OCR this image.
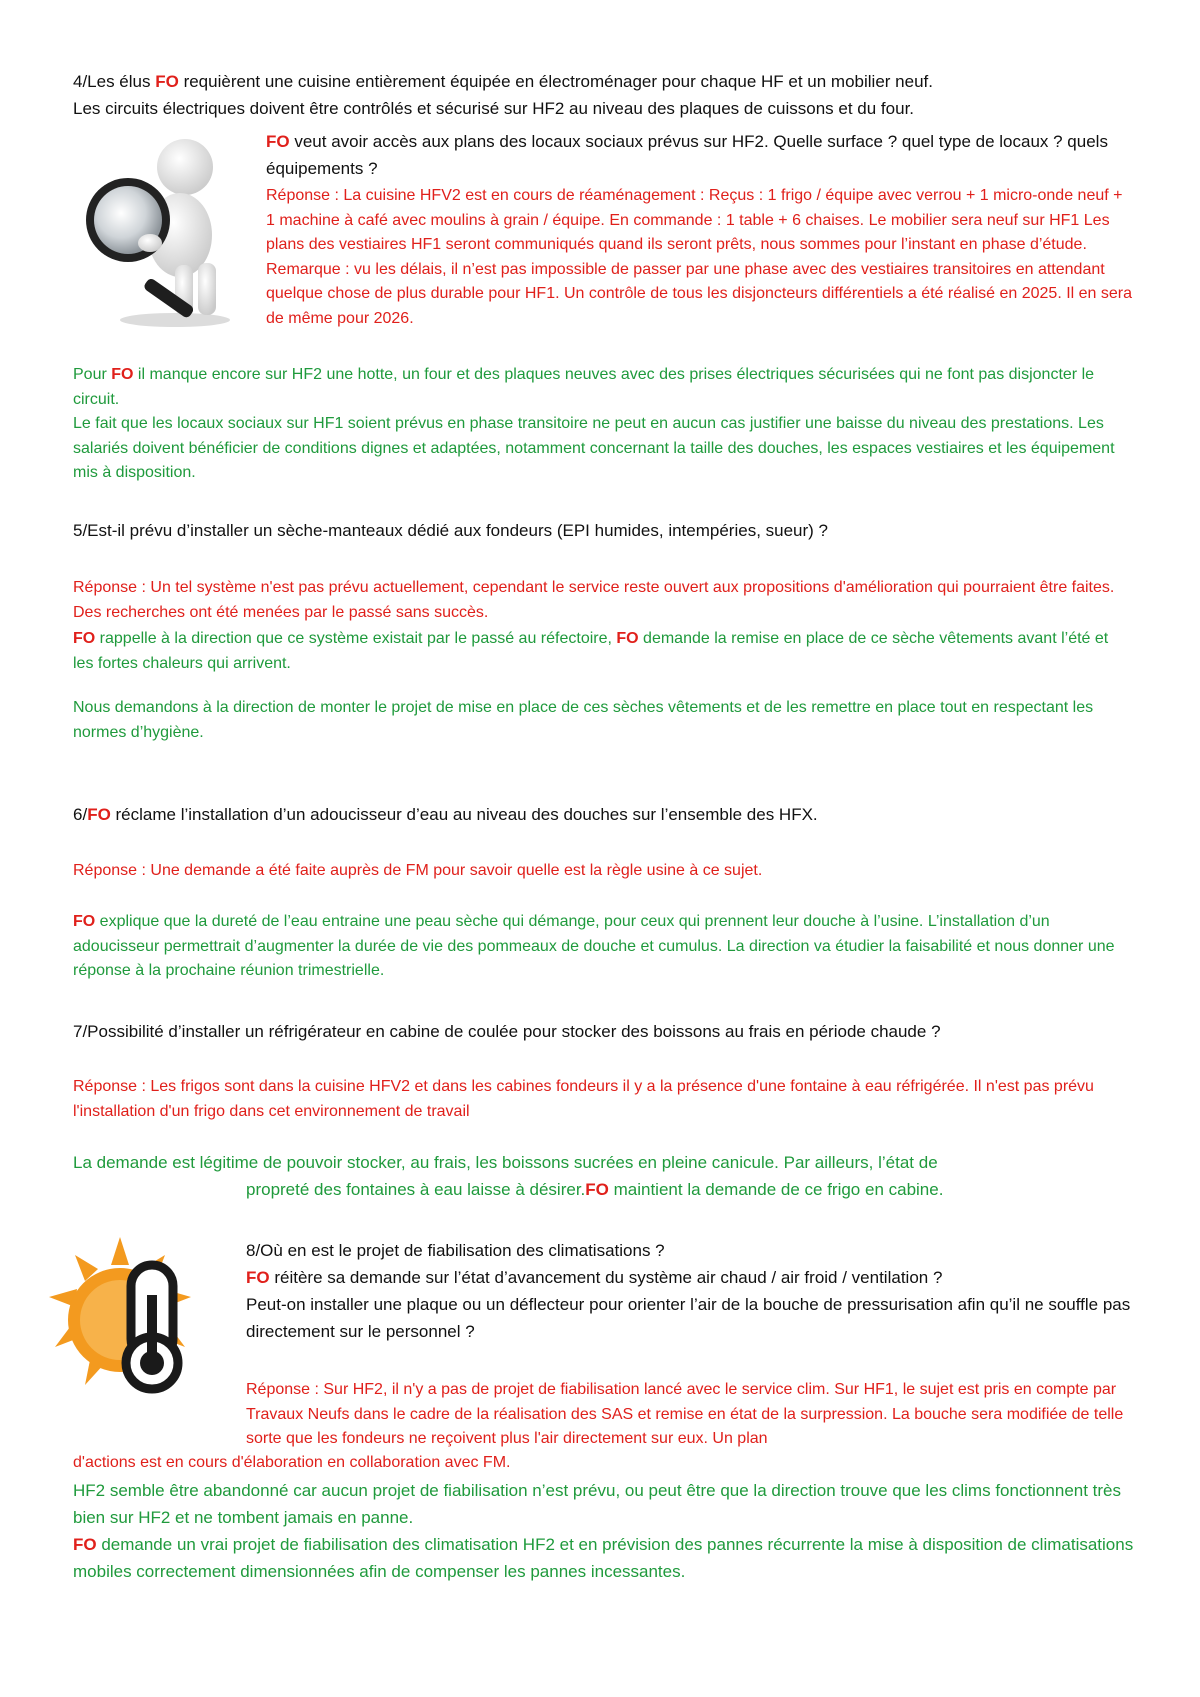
4/Les élus FO requièrent une cuisine entièrement équipée en électroménager pour chaque HF et un mobilier neuf.

Les circuits électriques doivent être contrôlés et sécurisé sur HF2 au niveau des plaques de cuissons et du four.

FO veut avoir accès aux plans des locaux sociaux prévus sur HF2. Quelle surface ? quel type de locaux ? quels équipements ?

Réponse : La cuisine HFV2 est en cours de réaménagement : Reçus : 1 frigo / équipe avec verrou + 1 micro-onde neuf + 1 machine à café avec moulins à grain / équipe. En commande : 1 table + 6 chaises. Le mobilier sera neuf sur HF1 Les plans des vestiaires HF1 seront communiqués quand ils seront prêts, nous sommes pour l’instant en phase d’étude. Remarque : vu les délais, il n’est pas impossible de passer par une phase avec des vestiaires transitoires en attendant quelque chose de plus durable pour HF1. Un contrôle de tous les disjoncteurs différentiels a été réalisé en 2025. Il en sera de même pour 2026.

Pour FO il manque encore sur HF2 une hotte, un four et des plaques neuves avec des prises électriques sécurisées qui ne font pas disjoncter le circuit.

Le fait que les locaux sociaux sur HF1 soient prévus en phase transitoire ne peut en aucun cas justifier une baisse du niveau des prestations. Les salariés doivent bénéficier de conditions dignes et adaptées, notamment concernant la taille des douches, les espaces vestiaires et les équipement mis à disposition.

5/Est-il prévu d’installer un sèche-manteaux dédié aux fondeurs (EPI humides, intempéries, sueur) ?
Réponse : Un tel système n'est pas prévu actuellement, cependant le service reste ouvert aux propositions d'amélioration qui pourraient être faites. Des recherches ont été menées par le passé sans succès.

FO rappelle à la direction que ce système existait par le passé au réfectoire, FO demande la remise en place de ce sèche vêtements avant l’été et les fortes chaleurs qui arrivent.

Nous demandons à la direction de monter le projet de mise en place de ces sèches vêtements et de les remettre en place tout en respectant les normes d’hygiène.

6/FO réclame l’installation d’un adoucisseur d’eau au niveau des douches sur l’ensemble des HFX.

Réponse : Une demande a été faite auprès de FM pour savoir quelle est la règle usine à ce sujet.

FO explique que la dureté de l’eau entraine une peau sèche qui démange, pour ceux qui prennent leur douche à l’usine. L’installation d’un adoucisseur permettrait d’augmenter la durée de vie des pommeaux de douche et cumulus. La direction va étudier la faisabilité et nous donner une réponse à la prochaine réunion trimestrielle.

7/Possibilité d’installer un réfrigérateur en cabine de coulée pour stocker des boissons au frais en période chaude ?
Réponse : Les frigos sont dans la cuisine HFV2 et dans les cabines fondeurs il y a la présence d'une fontaine à eau réfrigérée. Il n'est pas prévu l'installation d'un frigo dans cet environnement de travail
La demande est légitime de pouvoir stocker, au frais, les boissons sucrées en pleine canicule. Par ailleurs, l’état de
propreté des fontaines à eau laisse à désirer.FO maintient la demande de ce frigo en cabine.

8/Où en est le projet de fiabilisation des climatisations ?

FO réitère sa demande sur l’état d’avancement du système air chaud / air froid / ventilation ?

Peut-on installer une plaque ou un déflecteur pour orienter l’air de la bouche de pressurisation afin qu’il ne souffle pas directement sur le personnel ?

Réponse : Sur HF2, il n'y a pas de projet de fiabilisation lancé avec le service clim. Sur HF1, le sujet est pris en compte par Travaux Neufs dans le cadre de la réalisation des SAS et remise en état de la surpression. La bouche sera modifiée de telle sorte que les fondeurs ne reçoivent plus l'air directement sur eux. Un plan
d'actions est en cours d'élaboration en collaboration avec FM.

HF2 semble être abandonné car aucun projet de fiabilisation n’est prévu, ou peut être que la direction trouve que les clims fonctionnent très bien sur HF2 et ne tombent jamais en panne.

FO demande un vrai projet de fiabilisation des climatisation HF2 et en prévision des pannes récurrente la mise à disposition de climatisations mobiles correctement dimensionnées afin de compenser les pannes incessantes.
